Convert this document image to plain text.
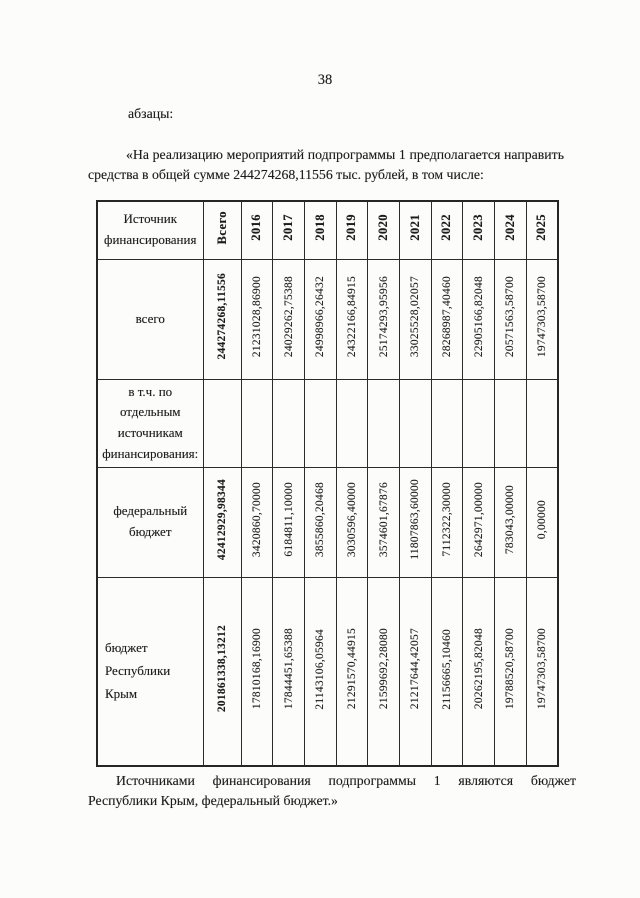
38

абзацы:

«На реализацию мероприятий подпрограммы 1 предполагается направить средства в общей сумме 244274268,11556 тыс. рублей, в том числе:

Источник финансирования	Всего	2016	2017	2018	2019	2020	2021	2022	2023	2024	2025
всего	244274268,11556	21231028,86900	24029262,75388	24998966,26432	24322166,84915	25174293,95956	33025528,02057	28268987,40460	22905166,82048	20571563,58700	19747303,58700
в т.ч. по отдельным источникам финансирования:											
федеральный бюджет	42412929,98344	3420860,70000	6184811,10000	3855860,20468	3030596,40000	3574601,67876	11807863,60000	7112322,30000	2642971,00000	783043,00000	0,00000
бюджет Республики Крым	201861338,13212	17810168,16900	17844451,65388	21143106,05964	21291570,44915	21599692,28080	21217644,42057	21156665,10460	20262195,82048	19788520,58700	19747303,58700

Источниками финансирования подпрограммы 1 являются бюджет Республики Крым, федеральный бюджет.»
